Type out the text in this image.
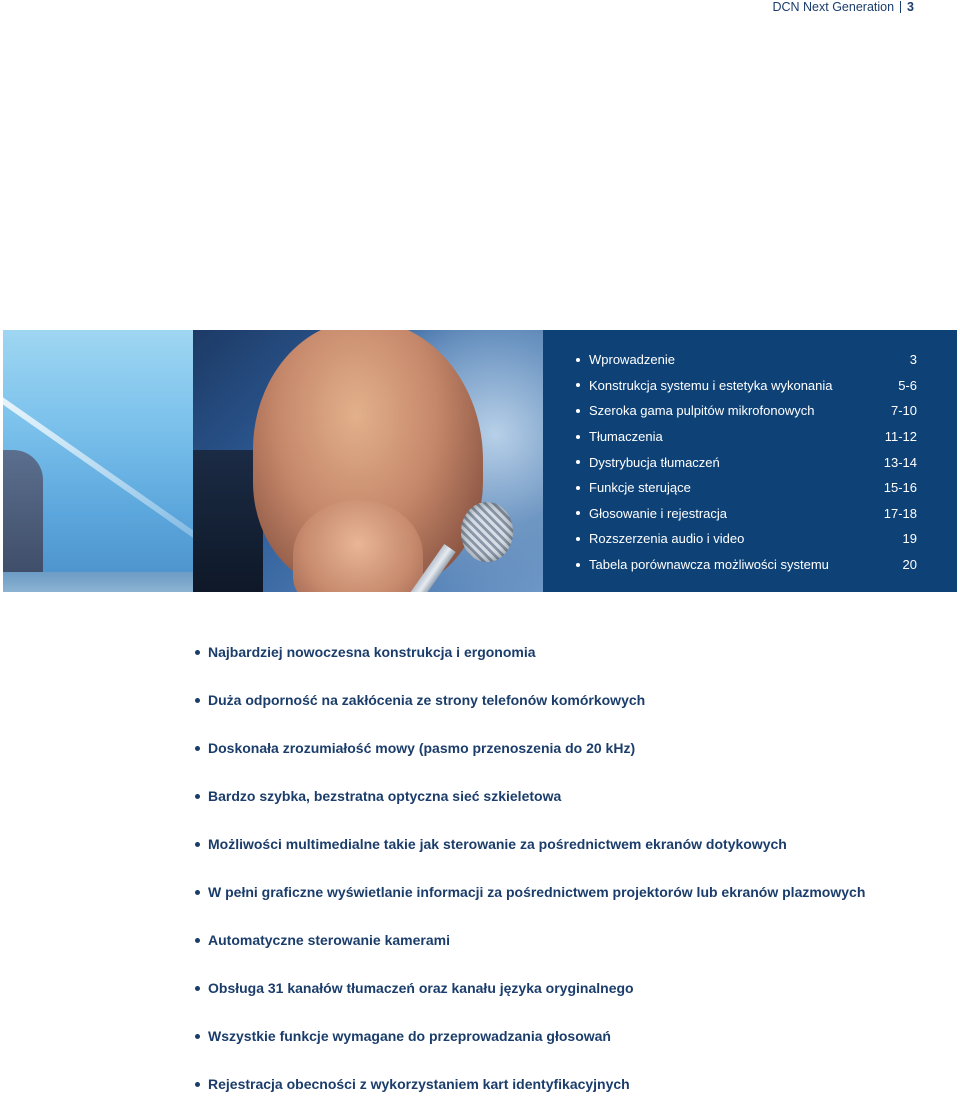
DCN Next Generation 3
Wprowadzenie	3
Konstrukcja systemu i estetyka wykonania	5-6
Szeroka gama pulpitów mikrofonowych	7-10
Tłumaczenia	11-12
Dystrybucja tłumaczeń	13-14
Funkcje sterujące	15-16
Głosowanie i rejestracja	17-18
Rozszerzenia audio i video	19
Tabela porównawcza możliwości systemu	20
Najbardziej nowoczesna konstrukcja i ergonomia
Duża odporność na zakłócenia ze strony telefonów komórkowych
Doskonała zrozumiałość mowy (pasmo przenoszenia do 20 kHz)
Bardzo szybka, bezstratna optyczna sieć szkieletowa
Możliwości multimedialne takie jak sterowanie za pośrednictwem ekranów dotykowych
W pełni graficzne wyświetlanie informacji za pośrednictwem projektorów lub ekranów plazmowych
Automatyczne sterowanie kamerami
Obsługa 31 kanałów tłumaczeń oraz kanału języka oryginalnego
Wszystkie funkcje wymagane do przeprowadzania głosowań
Rejestracja obecności z wykorzystaniem kart identyfikacyjnych
